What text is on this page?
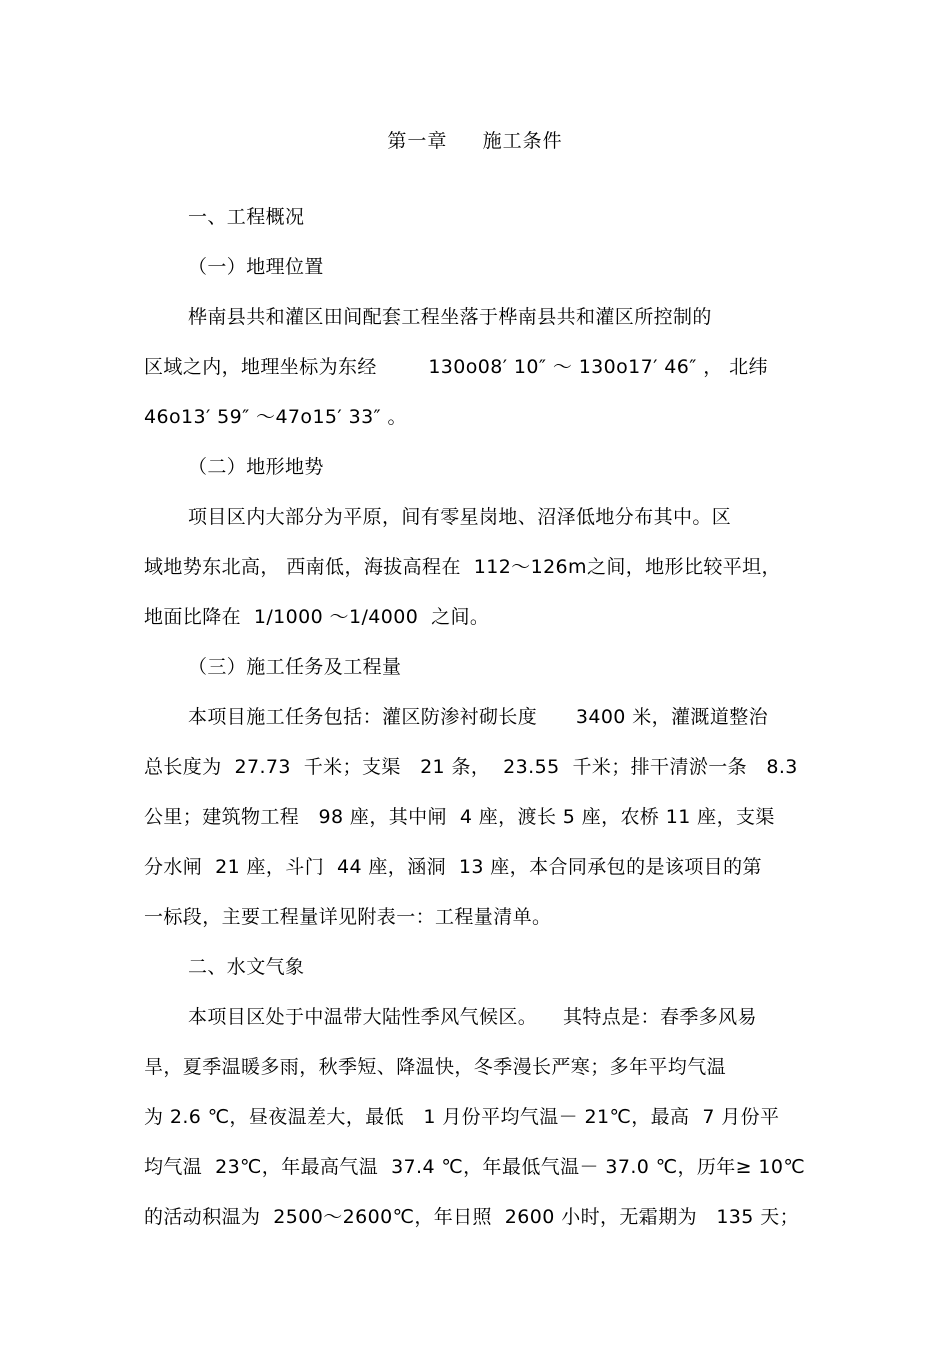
第一章     施工条件
一、工程概况
（一）地理位置
桦南县共和灌区田间配套工程坐落于桦南县共和灌区所控制的
区域之内，地理坐标为东经        130o08′ 10″ ～ 130o17′ 46″ ， 北纬
46o13′ 59″ ～47o15′ 33″ 。
（二）地形地势
项目区内大部分为平原，间有零星岗地、沼泽低地分布其中。区
域地势东北高， 西南低，海拔高程在  112～126m之间，地形比较平坦，
地面比降在  1/1000 ～1/4000  之间。
（三）施工任务及工程量
本项目施工任务包括：灌区防渗衬砌长度      3400 米，灌溉道整治
总长度为  27.73  千米；支渠   21 条，  23.55  千米；排干清淤一条   8.3
公里；建筑物工程   98 座，其中闸  4 座，渡长 5 座，农桥 11 座，支渠
分水闸  21 座，斗门  44 座，涵洞  13 座，本合同承包的是该项目的第
一标段，主要工程量详见附表一：工程量清单。
二、水文气象
本项目区处于中温带大陆性季风气候区。    其特点是：春季多风易
旱，夏季温暖多雨，秋季短、降温快，冬季漫长严寒；多年平均气温
为 2.6 ℃，昼夜温差大，最低   1 月份平均气温－ 21℃，最高  7 月份平
均气温  23℃，年最高气温  37.4 ℃，年最低气温－ 37.0 ℃，历年≥ 10℃
的活动积温为  2500～2600℃，年日照  2600 小时，无霜期为   135 天；
